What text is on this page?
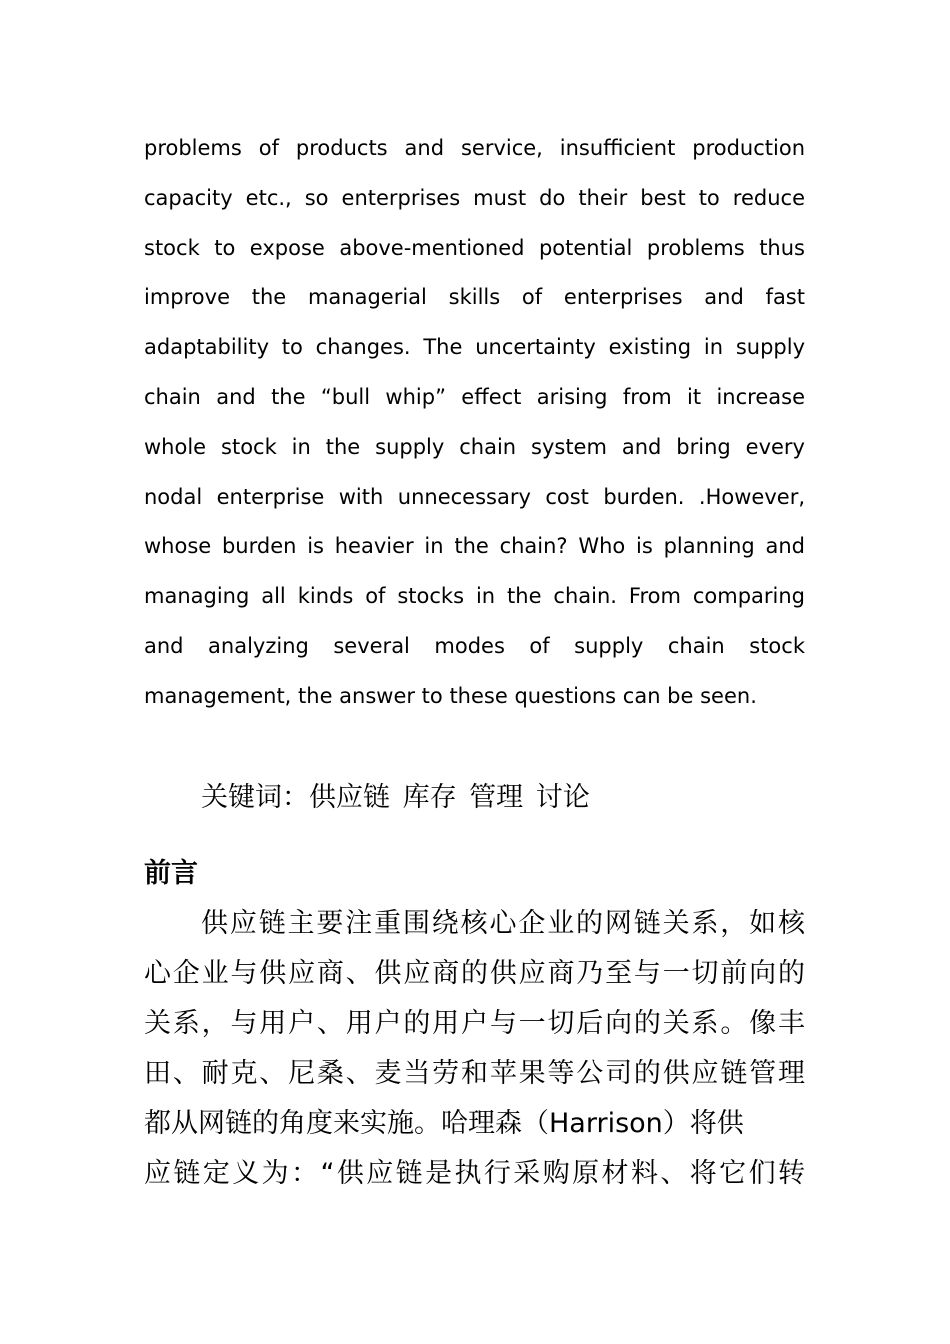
problems of products and service, insufficient production
capacity etc., so enterprises must do their best to reduce
stock to expose above-mentioned potential problems thus
improve the managerial skills of enterprises and fast
adaptability to changes. The uncertainty existing in supply
chain and the “bull whip” effect arising from it increase
whole stock in the supply chain system and bring every
nodal enterprise with unnecessary cost burden. .However,
whose burden is heavier in the chain? Who is planning and
managing all kinds of stocks in the chain. From comparing
and analyzing several modes of supply chain stock
management, the answer to these questions can be seen.
关键词：供应链 库存 管理 讨论
前言
供应链主要注重围绕核心企业的网链关系，如核
心企业与供应商、供应商的供应商乃至与一切前向的
关系，与用户、用户的用户与一切后向的关系。像丰
田、耐克、尼桑、麦当劳和苹果等公司的供应链管理
都从网链的角度来实施。哈理森（Harrison）将供
应链定义为：“供应链是执行采购原材料、将它们转
